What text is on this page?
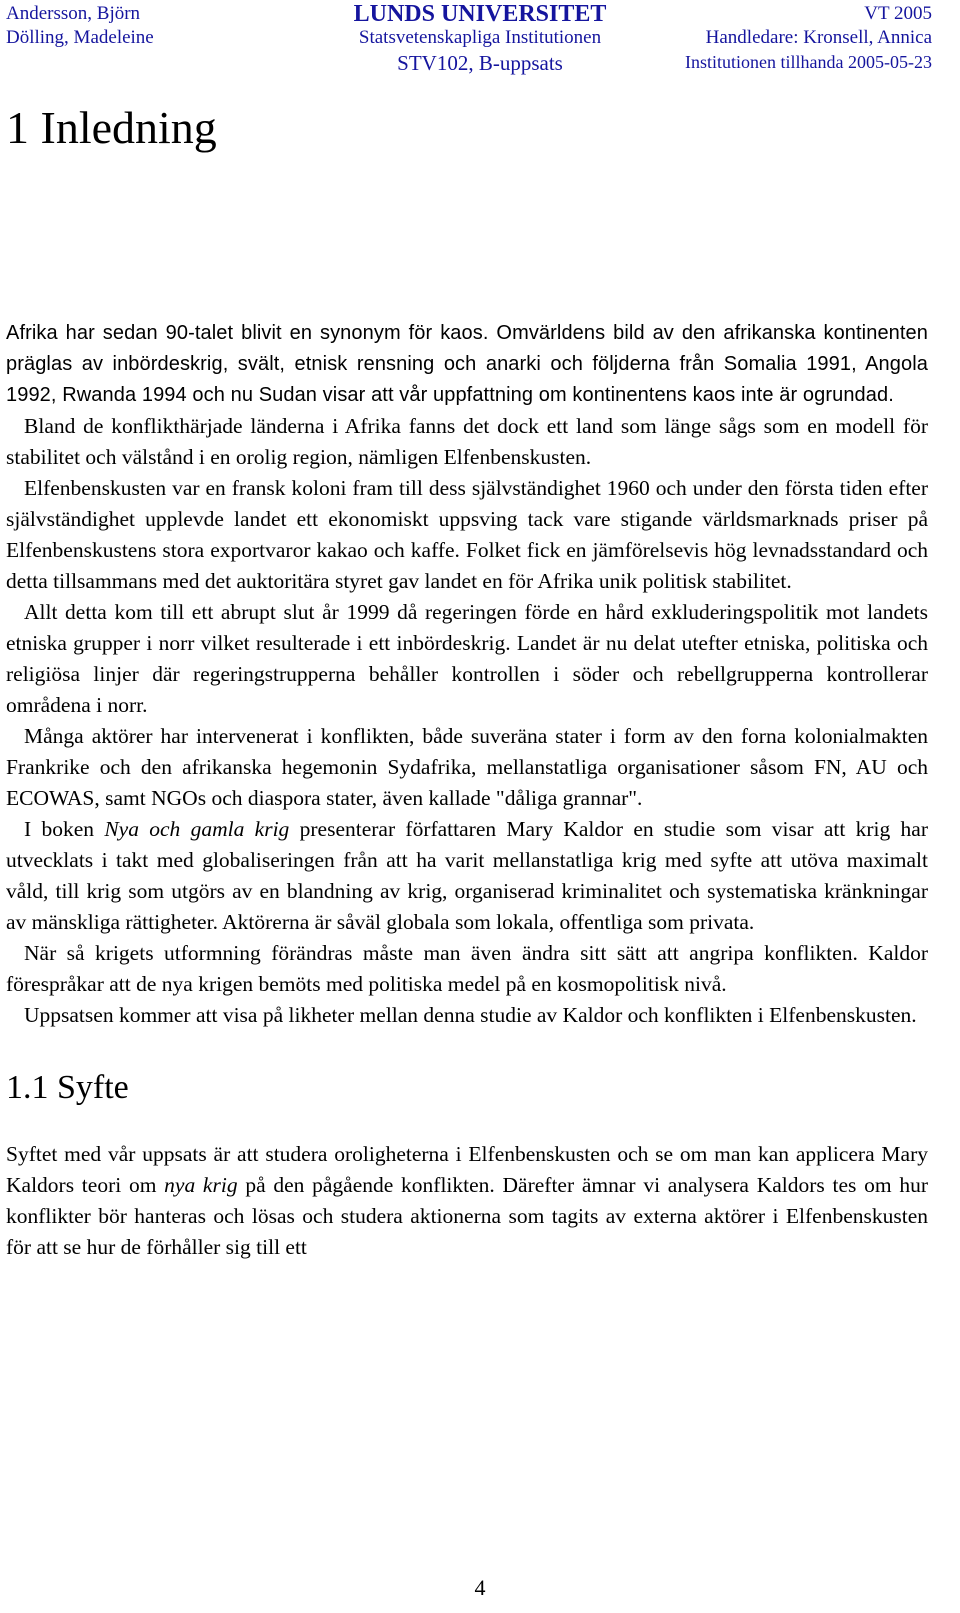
Andersson, Björn
Dölling, Madeleine
LUNDS UNIVERSITET
Statsvetenskapliga Institutionen
STV102, B-uppsats
VT 2005
Handledare: Kronsell, Annica
Institutionen tillhanda 2005-05-23
1 Inledning

Afrika har sedan 90-talet blivit en synonym för kaos. Omvärldens bild av den afrikanska kontinenten präglas av inbördeskrig, svält, etnisk rensning och anarki och följderna från Somalia 1991, Angola 1992, Rwanda 1994 och nu Sudan visar att vår uppfattning om kontinentens kaos inte är ogrundad.

Bland de konflikthärjade länderna i Afrika fanns det dock ett land som länge sågs som en modell för stabilitet och välstånd i en orolig region, nämligen Elfenbenskusten.

Elfenbenskusten var en fransk koloni fram till dess självständighet 1960 och under den första tiden efter självständighet upplevde landet ett ekonomiskt uppsving tack vare stigande världsmarknads priser på Elfenbenskustens stora exportvaror kakao och kaffe. Folket fick en jämförelsevis hög levnadsstandard och detta tillsammans med det auktoritära styret gav landet en för Afrika unik politisk stabilitet.

Allt detta kom till ett abrupt slut år 1999 då regeringen förde en hård exkluderingspolitik mot landets etniska grupper i norr vilket resulterade i ett inbördeskrig. Landet är nu delat utefter etniska, politiska och religiösa linjer där regeringstrupperna behåller kontrollen i söder och rebellgrupperna kontrollerar områdena i norr.

Många aktörer har intervenerat i konflikten, både suveräna stater i form av den forna kolonialmakten Frankrike och den afrikanska hegemonin Sydafrika, mellanstatliga organisationer såsom FN, AU och ECOWAS, samt NGOs och diaspora stater, även kallade "dåliga grannar".

I boken Nya och gamla krig presenterar författaren Mary Kaldor en studie som visar att krig har utvecklats i takt med globaliseringen från att ha varit mellanstatliga krig med syfte att utöva maximalt våld, till krig som utgörs av en blandning av krig, organiserad kriminalitet och systematiska kränkningar av mänskliga rättigheter. Aktörerna är såväl globala som lokala, offentliga som privata.

När så krigets utformning förändras måste man även ändra sitt sätt att angripa konflikten. Kaldor förespråkar att de nya krigen bemöts med politiska medel på en kosmopolitisk nivå.

Uppsatsen kommer att visa på likheter mellan denna studie av Kaldor och konflikten i Elfenbenskusten.

1.1 Syfte

Syftet med vår uppsats är att studera oroligheterna i Elfenbenskusten och se om man kan applicera Mary Kaldors teori om nya krig på den pågående konflikten. Därefter ämnar vi analysera Kaldors tes om hur konflikter bör hanteras och lösas och studera aktionerna som tagits av externa aktörer i Elfenbenskusten för att se hur de förhåller sig till ett

4
